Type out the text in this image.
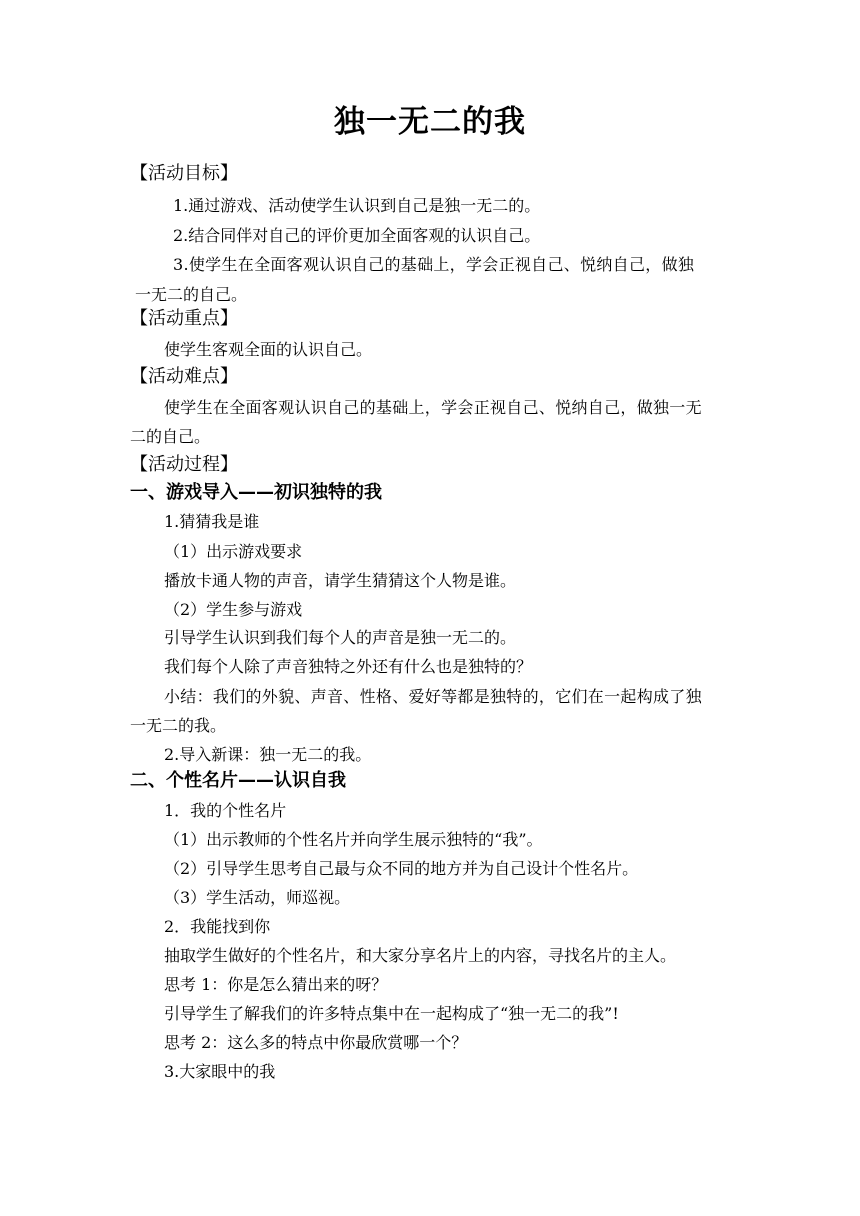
独一无二的我
【活动目标】
1.通过游戏、活动使学生认识到自己是独一无二的。
2.结合同伴对自己的评价更加全面客观的认识自己。
3.使学生在全面客观认识自己的基础上，学会正视自己、悦纳自己，做独
一无二的自己。
【活动重点】
使学生客观全面的认识自己。
【活动难点】
使学生在全面客观认识自己的基础上，学会正视自己、悦纳自己，做独一无
二的自己。
【活动过程】
一、游戏导入——初识独特的我
1.猜猜我是谁
（1）出示游戏要求
播放卡通人物的声音，请学生猜猜这个人物是谁。
（2）学生参与游戏
引导学生认识到我们每个人的声音是独一无二的。
我们每个人除了声音独特之外还有什么也是独特的？
小结：我们的外貌、声音、性格、爱好等都是独特的，它们在一起构成了独
一无二的我。
2.导入新课：独一无二的我。
二、个性名片——认识自我
1．我的个性名片
（1）出示教师的个性名片并向学生展示独特的“我”。
（2）引导学生思考自己最与众不同的地方并为自己设计个性名片。
（3）学生活动，师巡视。
2．我能找到你
抽取学生做好的个性名片，和大家分享名片上的内容，寻找名片的主人。
思考 1：你是怎么猜出来的呀？
引导学生了解我们的许多特点集中在一起构成了“独一无二的我”!
思考 2：这么多的特点中你最欣赏哪一个？
3.大家眼中的我
